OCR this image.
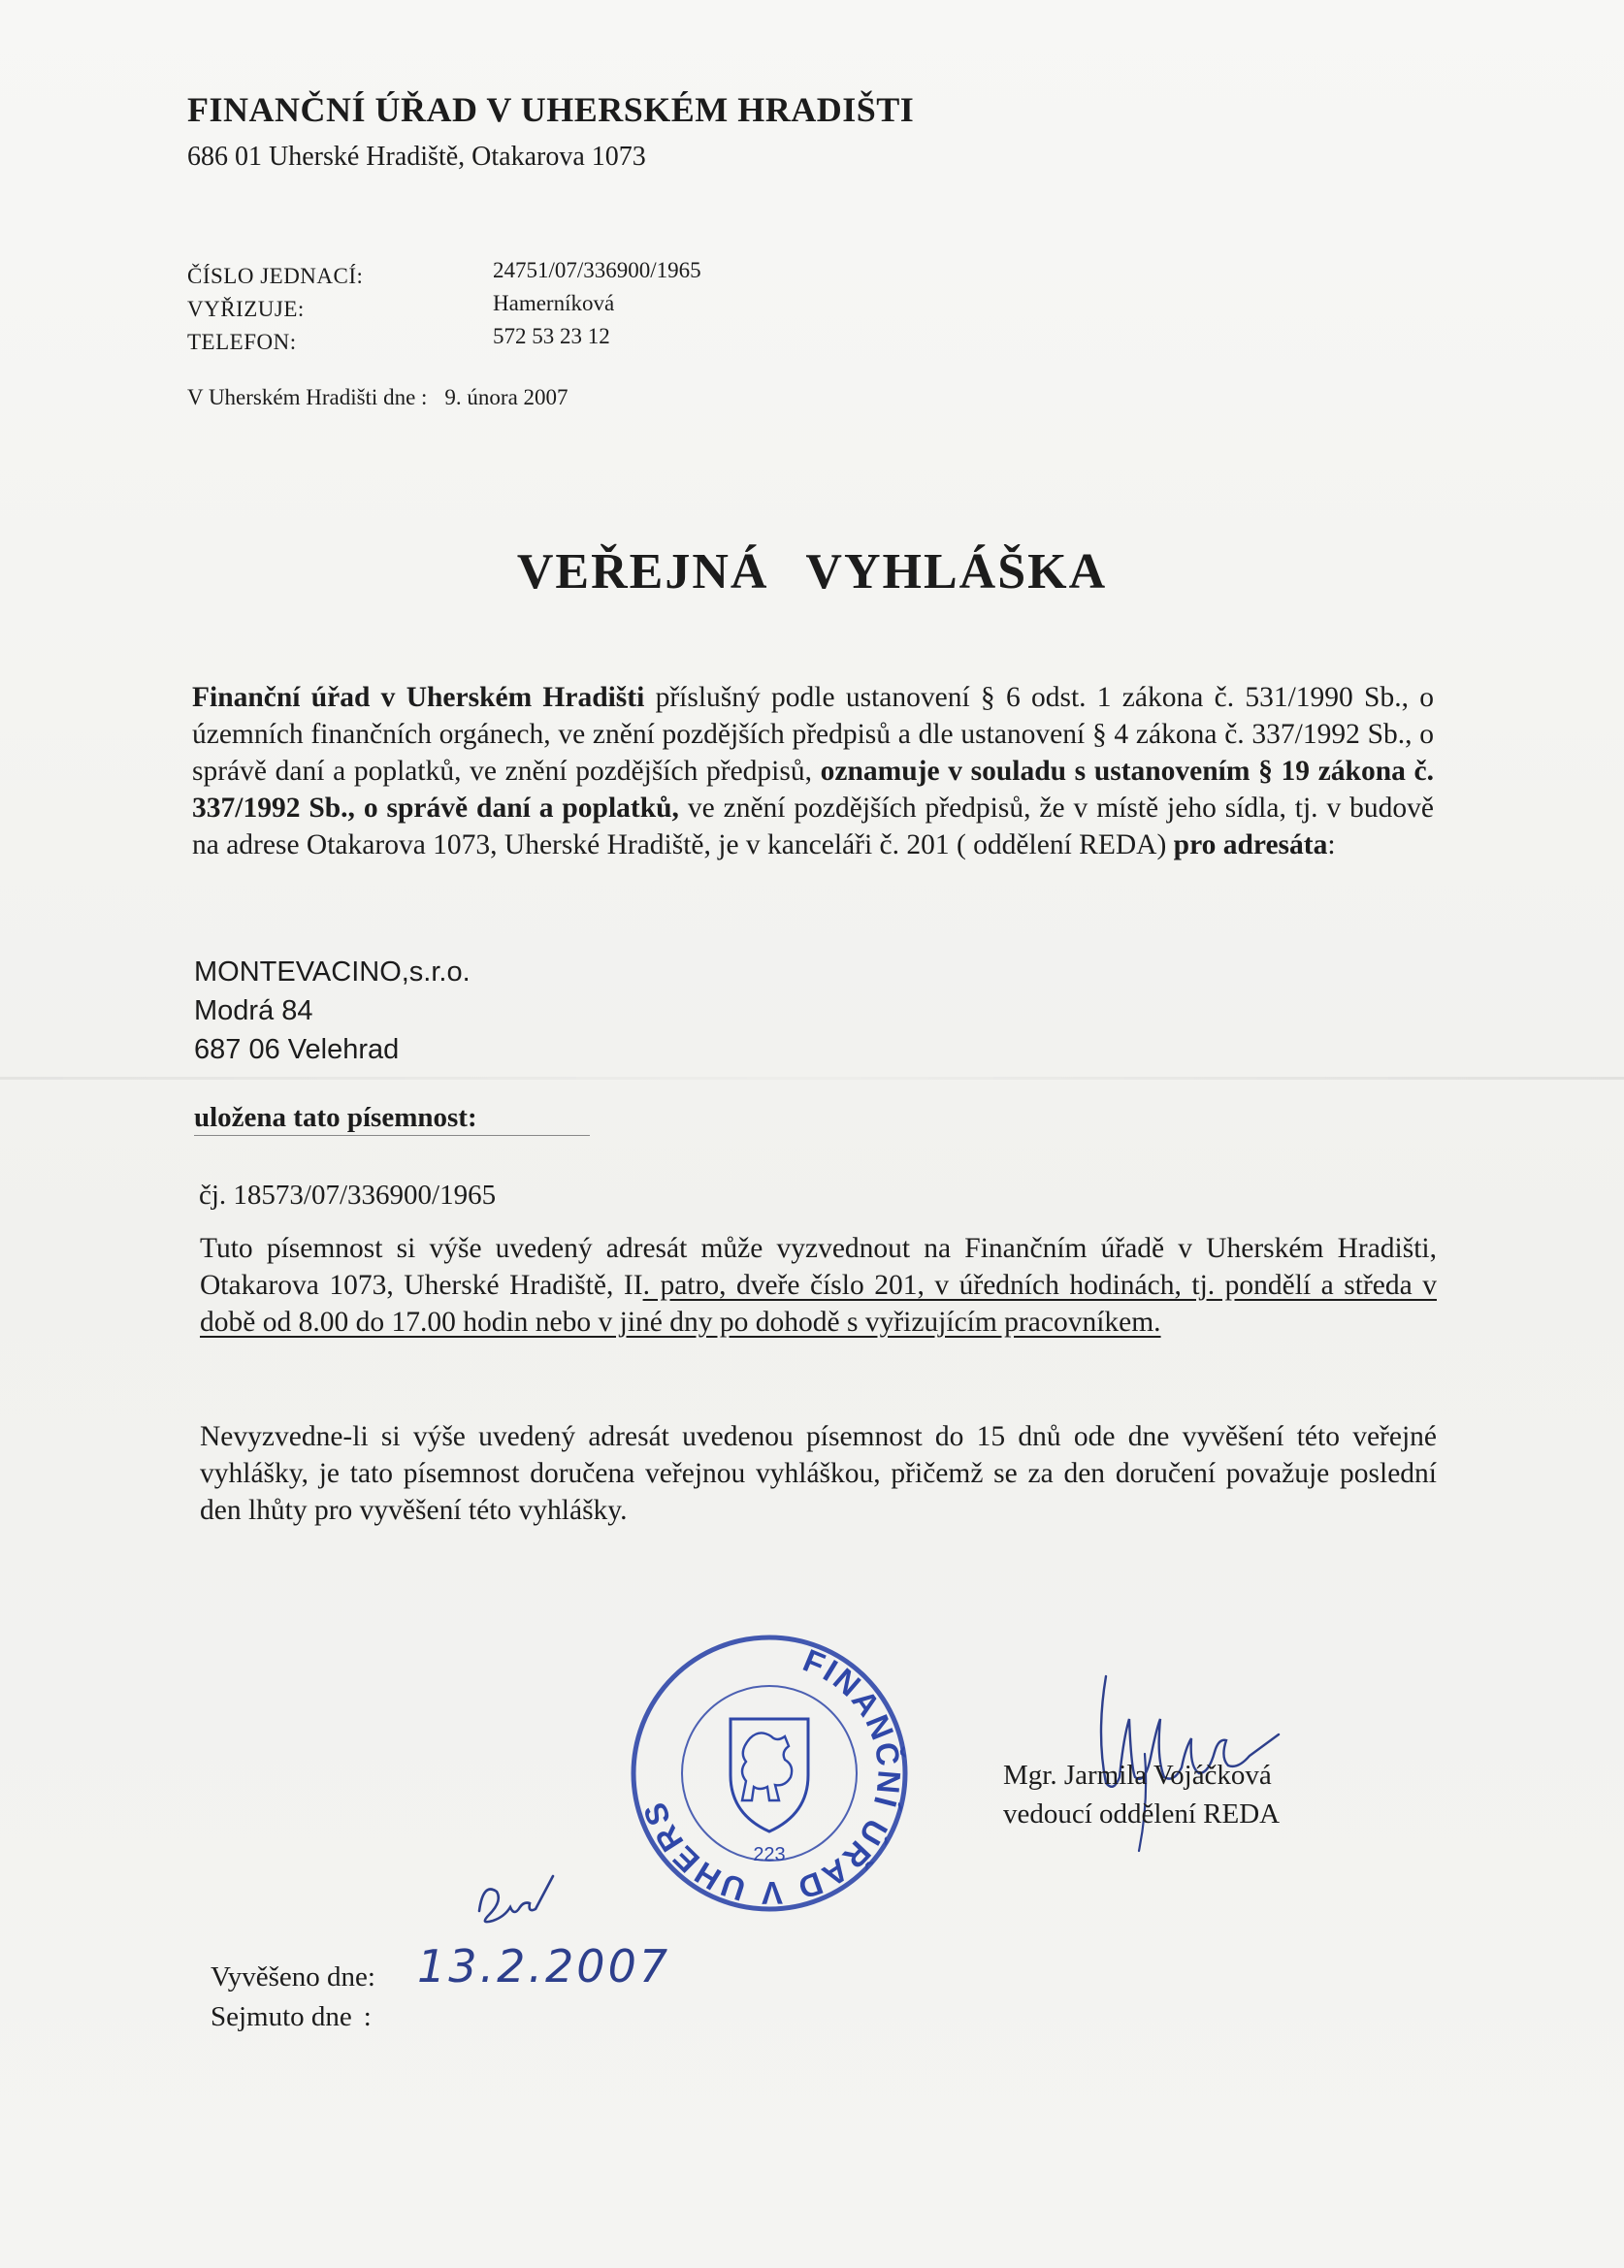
FINANČNÍ ÚŘAD V UHERSKÉM HRADIŠTI
686 01 Uherské Hradiště, Otakarova 1073
ČÍSLO JEDNACÍ:
VYŘIZUJE:
TELEFON:
24751/07/336900/1965
Hamerníková
572 53 23 12
V Uherském Hradišti dne : 9. února 2007
VEŘEJNÁ VYHLÁŠKA
Finanční úřad v Uherském Hradišti příslušný podle ustanovení § 6 odst. 1 zákona č. 531/1990 Sb., o územních finančních orgánech, ve znění pozdějších předpisů a dle ustanovení § 4 zákona č. 337/1992 Sb., o správě daní a poplatků, ve znění pozdějších předpisů, oznamuje v souladu s ustanovením § 19 zákona č. 337/1992 Sb., o správě daní a poplatků, ve znění pozdějších předpisů, že v místě jeho sídla, tj. v budově na adrese Otakarova 1073, Uherské Hradiště, je v kanceláři č. 201 ( oddělení REDA) pro adresáta:
MONTEVACINO,s.r.o.
Modrá 84
687 06 Velehrad
uložena tato písemnost:
čj. 18573/07/336900/1965
Tuto písemnost si výše uvedený adresát může vyzvednout na Finančním úřadě v Uherském Hradišti, Otakarova 1073, Uherské Hradiště, II. patro, dveře číslo 201, v úředních hodinách, tj. pondělí a středa v době od 8.00 do 17.00 hodin nebo v jiné dny po dohodě s vyřizujícím pracovníkem.
Nevyzvedne-li si výše uvedený adresát uvedenou písemnost do 15 dnů ode dne vyvěšení této veřejné vyhlášky, je tato písemnost doručena veřejnou vyhláškou, přičemž se za den doručení považuje poslední den lhůty pro vyvěšení této vyhlášky.
FINANČNÍ ÚŘAD V UHERSKÉM
223
Mgr. Jarmila Vojáčková
vedoucí oddělení REDA
Vyvěšeno dne:
Sejmuto dne :
13.2.2007
